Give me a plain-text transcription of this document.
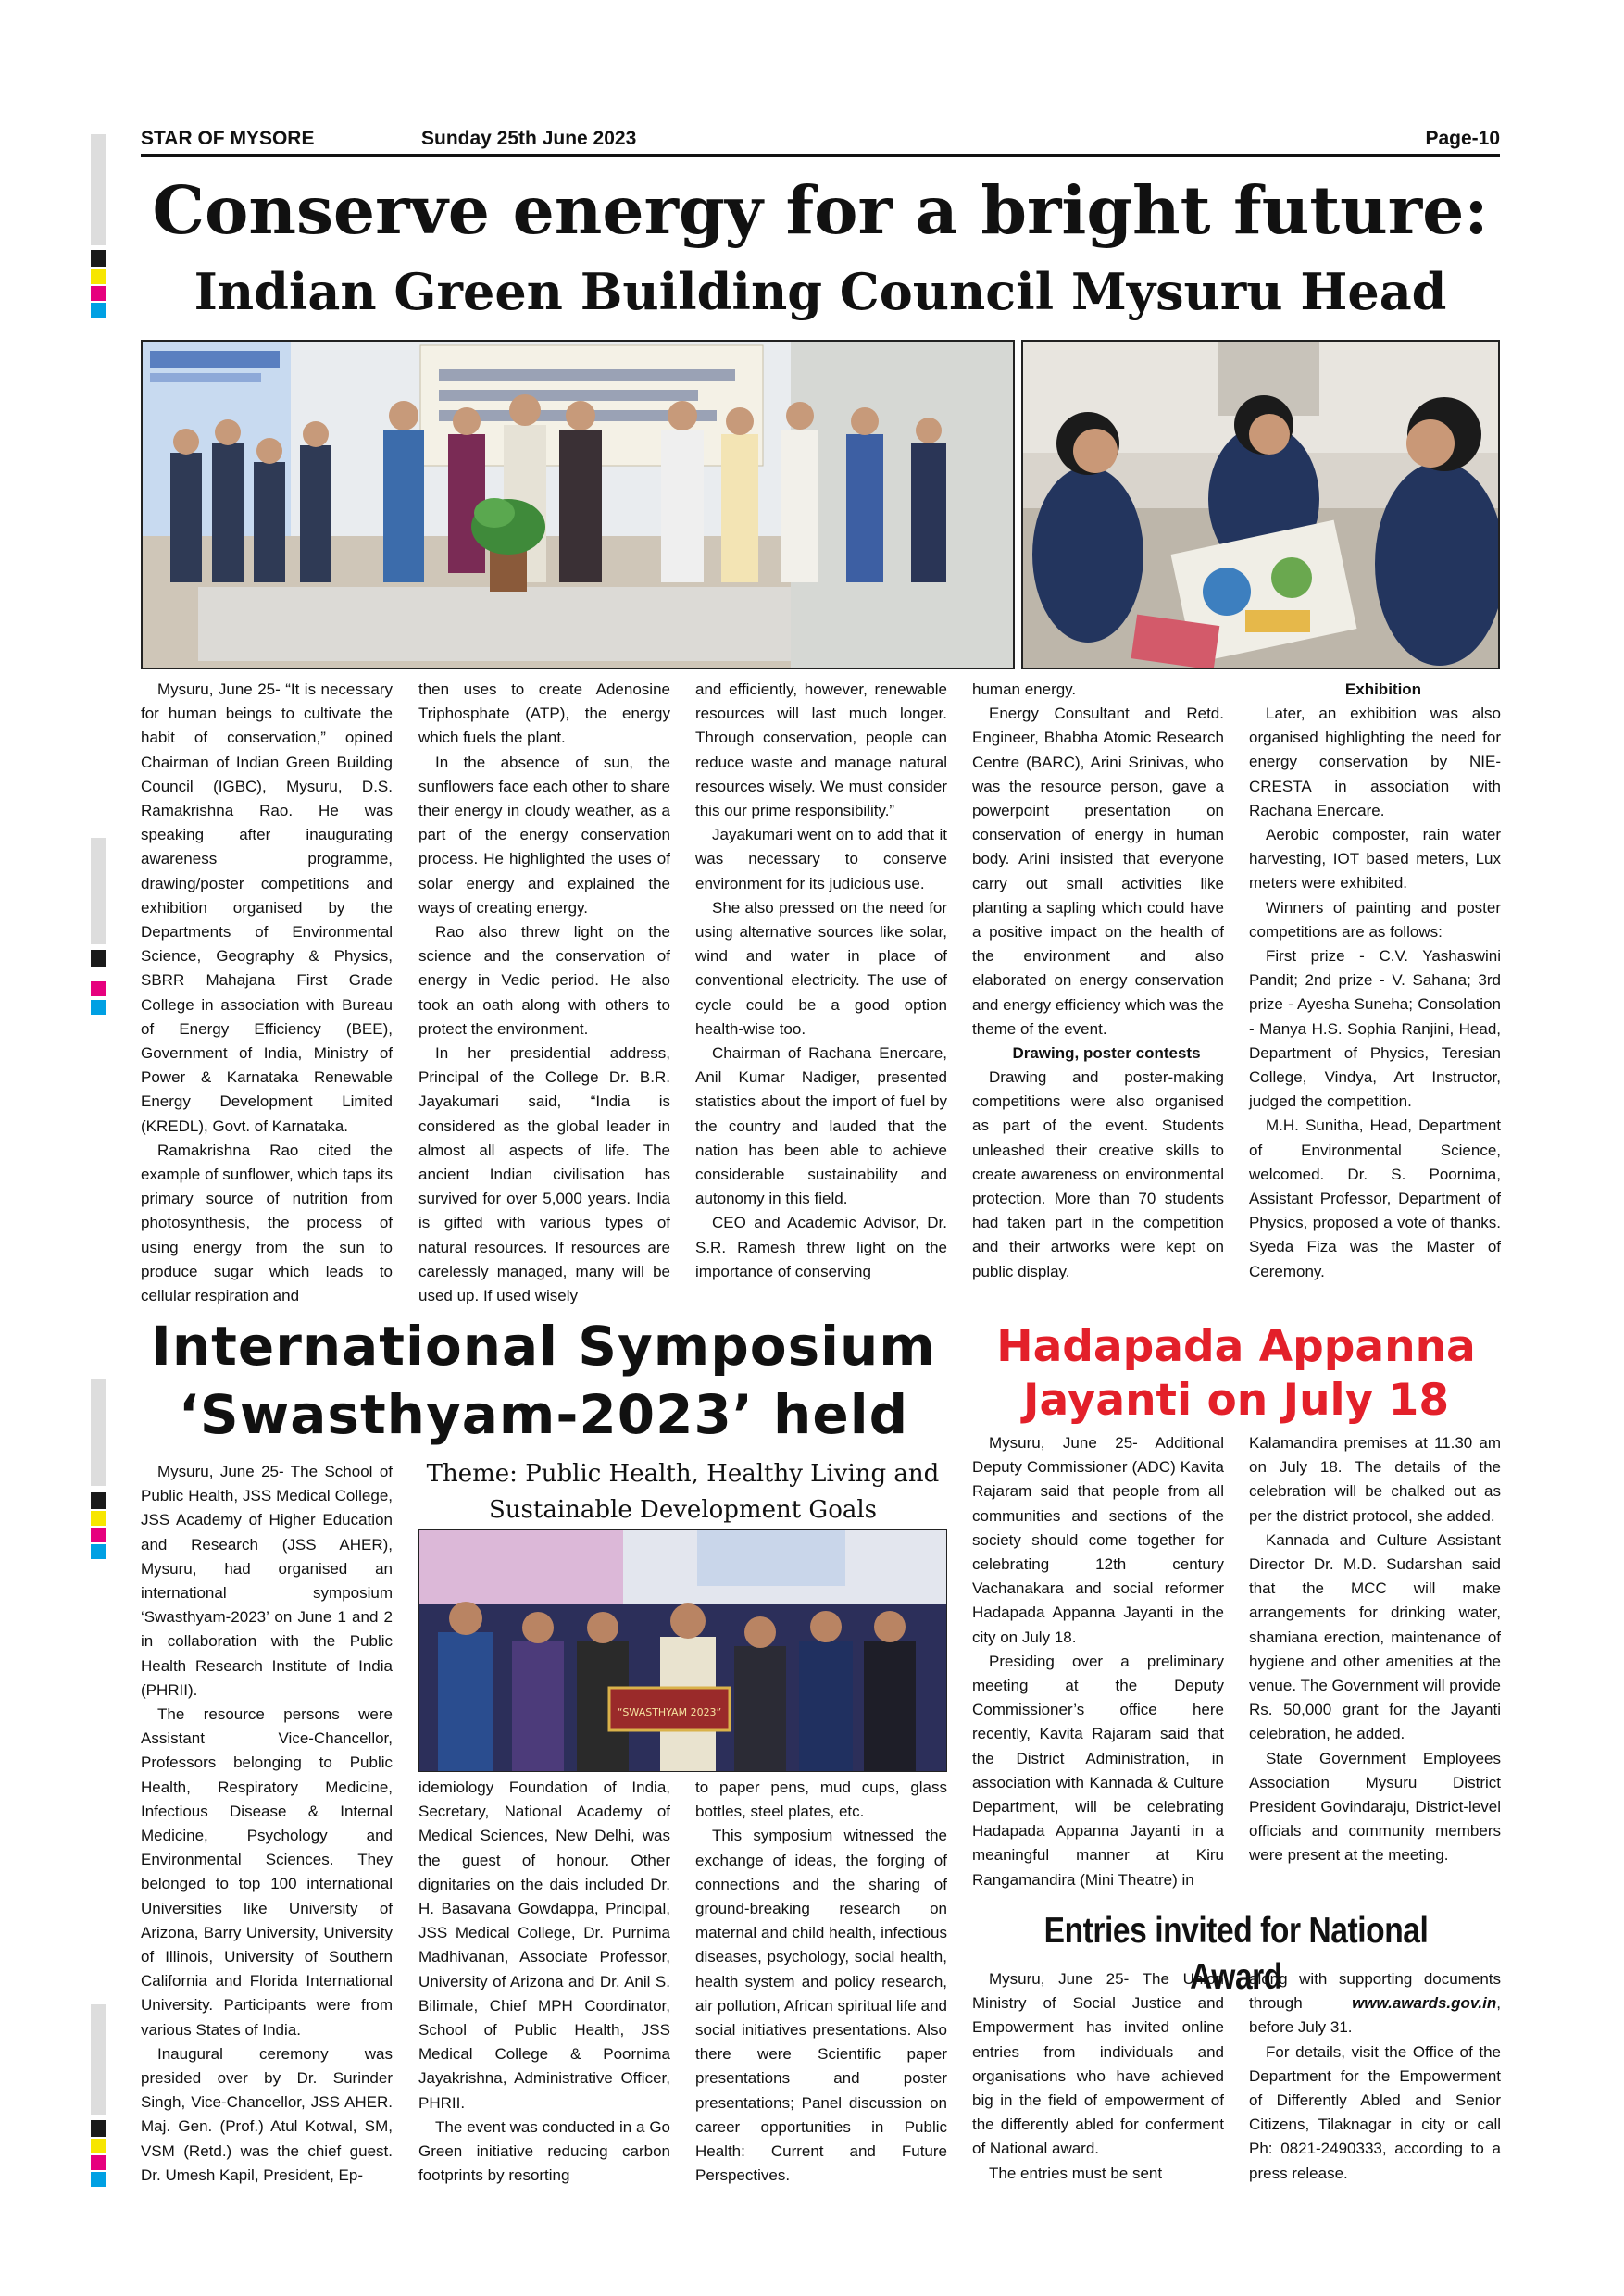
STAR OF MYSORE	Sunday 25th June 2023	Page-10
Conserve energy for a bright future:
Indian Green Building Council Mysuru Head

Mysuru, June 25- “It is necessary for human beings to cultivate the habit of conservation,” opined Chairman of Indian Green Building Council (IGBC), Mysuru, D.S. Ramakrishna Rao. He was speaking after inaugurating awareness programme, drawing/poster competitions and exhibition organised by the Departments of Environmental Science, Geography & Physics, SBRR Mahajana First Grade College in association with Bureau of Energy Efficiency (BEE), Government of India, Ministry of Power & Karnataka Renewable Energy Development Limited (KREDL), Govt. of Karnataka.

Ramakrishna Rao cited the example of sunflower, which taps its primary source of nutrition from photosynthesis, the process of using energy from the sun to produce sugar which leads to cellular respiration and

then uses to create Adenosine Triphosphate (ATP), the energy which fuels the plant.

In the absence of sun, the sunflowers face each other to share their energy in cloudy weather, as a part of the energy conservation process. He highlighted the uses of solar energy and explained the ways of creating energy.

Rao also threw light on the science and the conservation of energy in Vedic period. He also took an oath along with others to protect the environment.

In her presidential address, Principal of the College Dr. B.R. Jayakumari said, “India is considered as the global leader in almost all aspects of life. The ancient Indian civilisation has survived for over 5,000 years. India is gifted with various types of natural resources. If resources are carelessly managed, many will be used up. If used wisely

and efficiently, however, renewable resources will last much longer. Through conservation, people can reduce waste and manage natural resources wisely. We must consider this our prime responsibility.”

Jayakumari went on to add that it was necessary to conserve environment for its judicious use.

She also pressed on the need for using alternative sources like solar, wind and water in place of conventional electricity. The use of cycle could be a good option health-wise too.

Chairman of Rachana Enercare, Anil Kumar Nadiger, presented statistics about the import of fuel by the country and lauded that the nation has been able to achieve considerable sustainability and autonomy in this field.

CEO and Academic Advisor, Dr. S.R. Ramesh threw light on the importance of conserving

human energy.

Energy Consultant and Retd. Engineer, Bhabha Atomic Research Centre (BARC), Arini Srinivas, who was the resource person, gave a powerpoint presentation on conservation of energy in human body. Arini insisted that everyone carry out small activities like planting a sapling which could have a positive impact on the health of the environment and also elaborated on energy conservation and energy efficiency which was the theme of the event.

Drawing, poster contests

Drawing and poster-making competitions were also organised as part of the event. Students unleashed their creative skills to create awareness on environmental protection. More than 70 students had taken part in the competition and their artworks were kept on public display.

Exhibition

Later, an exhibition was also organised highlighting the need for energy conservation by NIE-CRESTA in association with Rachana Enercare.

Aerobic composter, rain water harvesting, IOT based meters, Lux meters were exhibited.

Winners of painting and poster competitions are as follows:

First prize - C.V. Yashaswini Pandit; 2nd prize - V. Sahana; 3rd prize - Ayesha Suneha; Consolation - Manya H.S. Sophia Ranjini, Head, Department of Physics, Teresian College, Vindya, Art Instructor, judged the competition.

M.H. Sunitha, Head, Department of Environmental Science, welcomed. Dr. S. Poornima, Assistant Professor, Department of Physics, proposed a vote of thanks. Syeda Fiza was the Master of Ceremony.

International Symposium
‘Swasthyam-2023’ held

Mysuru, June 25- The School of Public Health, JSS Medical College, JSS Academy of Higher Education and Research (JSS AHER), Mysuru, had organised an international symposium ‘Swasthyam-2023’ on June 1 and 2 in collaboration with the Public Health Research Institute of India (PHRII).

The resource persons were Assistant Vice-Chancellor, Professors belonging to Public Health, Respiratory Medicine, Infectious Disease & Internal Medicine, Psychology and Environmental Sciences. They belonged to top 100 international Universities like University of Arizona, Barry University, University of Illinois, University of Southern California and Florida International University. Participants were from various States of India.

Inaugural ceremony was presided over by Dr. Surinder Singh, Vice-Chancellor, JSS AHER. Maj. Gen. (Prof.) Atul Kotwal, SM, VSM (Retd.) was the chief guest. Dr. Umesh Kapil, President, Ep-

Theme: Public Health, Healthy Living and
Sustainable Development Goals
“SWASTHYAM 2023”

idemiology Foundation of India, Secretary, National Academy of Medical Sciences, New Delhi, was the guest of honour. Other dignitaries on the dais included Dr. H. Basavana Gowdappa, Principal, JSS Medical College, Dr. Purnima Madhivanan, Associate Professor, University of Arizona and Dr. Anil S. Bilimale, Chief MPH Coordinator, School of Public Health, JSS Medical College & Poornima Jayakrishna, Administrative Officer, PHRII.

The event was conducted in a Go Green initiative reducing carbon footprints by resorting

to paper pens, mud cups, glass bottles, steel plates, etc.

This symposium witnessed the exchange of ideas, the forging of connections and the sharing of ground-breaking research on maternal and child health, infectious diseases, psychology, social health, health system and policy research, air pollution, African spiritual life and social initiatives presentations. Also there were Scientific paper presentations and poster presentations; Panel discussion on career opportunities in Public Health: Current and Future Perspectives.

Hadapada Appanna
Jayanti on July 18

Mysuru, June 25- Additional Deputy Commissioner (ADC) Kavita Rajaram said that people from all communities and sections of the society should come together for celebrating 12th century Vachanakara and social reformer Hadapada Appanna Jayanti in the city on July 18.

Presiding over a preliminary meeting at the Deputy Commissioner’s office here recently, Kavita Rajaram said that the District Administration, in association with Kannada & Culture Department, will be celebrating Hadapada Appanna Jayanti in a meaningful manner at Kiru Rangamandira (Mini Theatre) in

Kalamandira premises at 11.30 am on July 18. The details of the celebration will be chalked out as per the district protocol, she added.

Kannada and Culture Assistant Director Dr. M.D. Sudarshan said that the MCC will make arrangements for drinking water, shamiana erection, maintenance of hygiene and other amenities at the venue. The Government will provide Rs. 50,000 grant for the Jayanti celebration, he added.

State Government Employees Association Mysuru District President Govindaraju, District-level officials and community members were present at the meeting.

Entries invited for National Award

Mysuru, June 25- The Union Ministry of Social Justice and Empowerment has invited online entries from individuals and organisations who have achieved big in the field of empowerment of the differently abled for conferment of National award.

The entries must be sent

along with supporting documents through www.awards.gov.in, before July 31.

For details, visit the Office of the Department for the Empowerment of Differently Abled and Senior Citizens, Tilaknagar in city or call Ph: 0821-2490333, according to a press release.
